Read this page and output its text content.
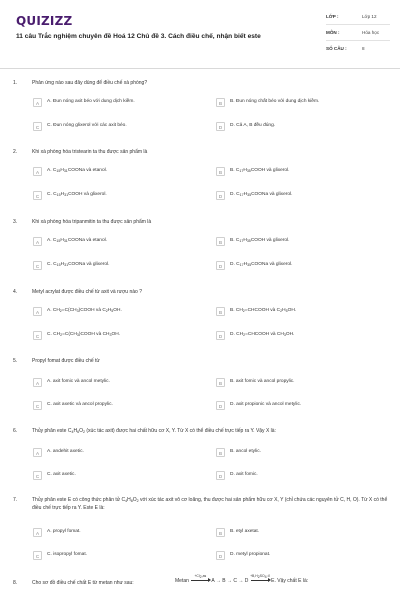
QUIZIZZ
11 câu Trắc nghiệm chuyên đề Hoá 12 Chủ đề 3. Cách điều chế, nhận biết este
LỚP :	Lớp 12
MÔN :	Hóa học
SỐ CÂU :	8
1.	Phản ứng nào sau đây dùng để điều chế xà phòng?
A	A. Đun nóng axit béo với dung dịch kiềm.	B	B. Đun nóng chất béo với dung dịch kiềm.
C	C. Đun nóng glixerol với các axit béo.	D	D. Cả A, B đều đúng.
2.	Khi xà phòng hóa tristearin ta thu được sản phẩm là
A	A. $C_{15}H_{31}COONa$ và etanol.	B	B. $C_{17}H_{35}COOH$ và glixerol.
C	C. $C_{15}H_{31}COOH$ và glixerol.	D	D. $C_{17}H_{35}COONa$ và glixerol.
3.	Khi xà phòng hóa tripanmitin ta thu được sản phẩm là
A	A. $C_{15}H_{31}COONa$ và etanol.	B	B. $C_{17}H_{35}COOH$ và glixerol.
C	C. $C_{15}H_{31}COONa$ và glixerol.	D	D. $C_{17}H_{35}COONa$ và glixerol.
4.	Metyl acrylat được điều chế từ axit và rượu nào ?
A	A. $CH_2=C(CH_3)COOH$ và $C_2H_5OH$.	B	B. $CH_2=CHCOOH$ và $C_2H_5OH$.
C	C. $CH_2=C(CH_3)COOH$ và $CH_3OH$.	D	D. $CH_2=CHCOOH$ và $CH_3OH$.
5.	Propyl fomat được điều chế từ
A	A. axit fomic và ancol metylic.	B	B. axit fomic và ancol propylic.
C	C. axit axetic và ancol propylic.	D	D. axit propionic và ancol metylic.
6.	Thủy phân este $C_4H_6O_2$ (xúc tác axit) được hai chất hữu cơ X, Y. Từ X có thể điều chế trực tiếp ra Y. Vậy X là:
A	A. andehit axetic.	B	B. ancol etylic.
C	C. axit axetic.	D	D. axit fomic.
7.	Thủy phân este E có công thức phân tử $C_4H_8O_2$ với xúc tác axit vô cơ loãng, thu được hai sản phẩm hữu cơ X, Y (chỉ chứa các nguyên tử C, H, O). Từ X có thể điều chế trực tiếp ra Y. Este E là:
A	A. propyl fomat.	B	B. etyl axetat.
C	C. isopropyl fomat.	D	D. metyl propionat.
8.	Cho sơ đồ điều chế chất E từ metan như sau:	Metan
$+Cl_2,as$
A → B → C → D
$+B,H_2SO_4$ đ
E. Vậy chất E là:
